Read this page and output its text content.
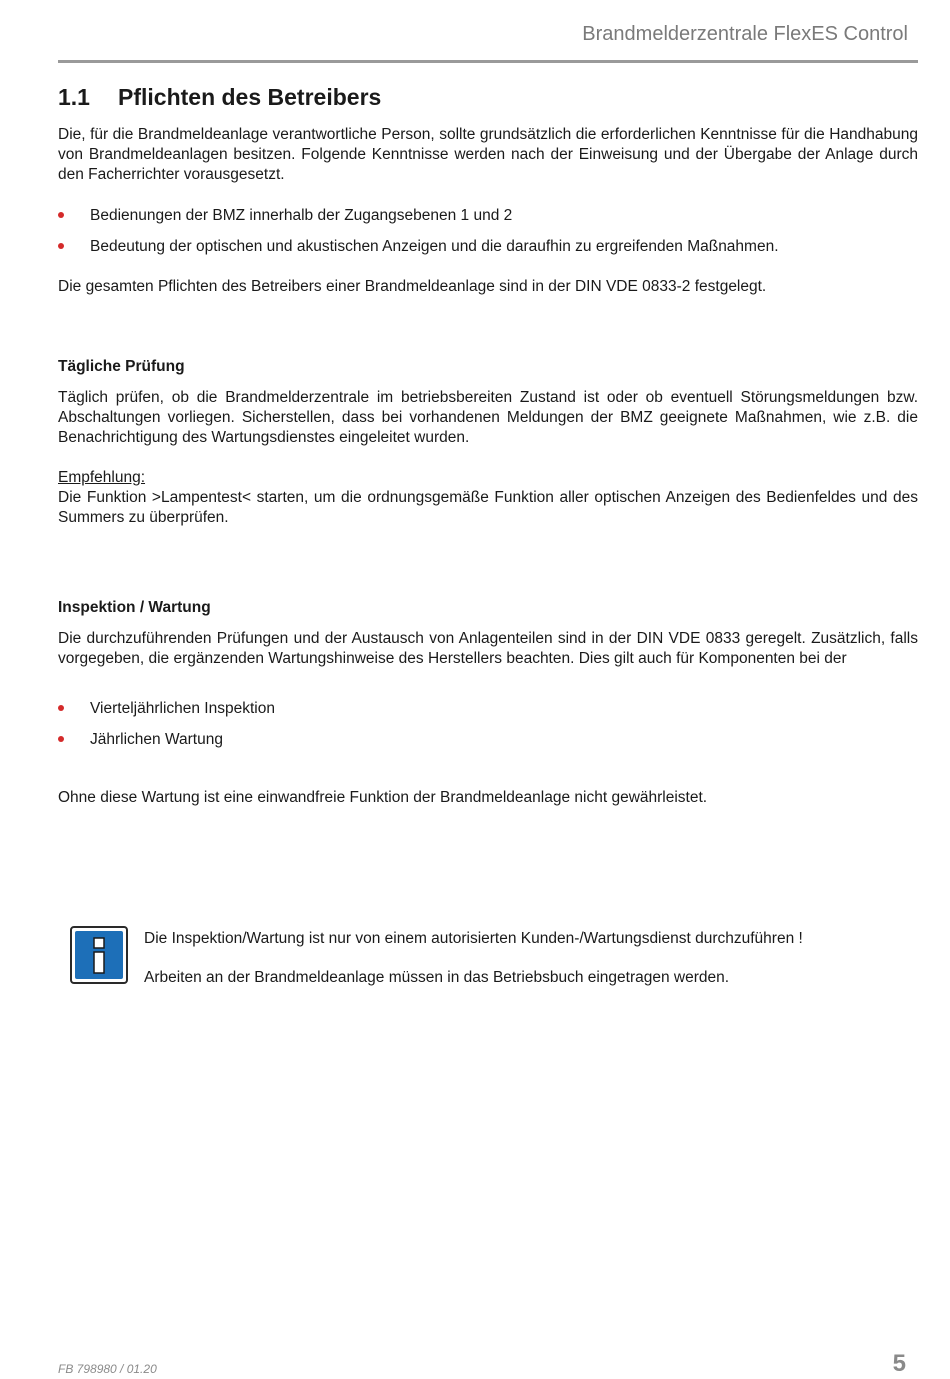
Brandmelderzentrale FlexES Control
1.1 Pflichten des Betreibers

Die, für die Brandmeldeanlage verantwortliche Person, sollte grundsätzlich die erforderlichen Kenntnisse für die Handhabung von Brandmeldeanlagen besitzen. Folgende Kenntnisse werden nach der Einweisung und der Übergabe der Anlage durch den Facherrichter vorausgesetzt.

Bedienungen der BMZ innerhalb der Zugangsebenen 1 und 2
Bedeutung der optischen und akustischen Anzeigen und die daraufhin zu ergreifenden Maßnahmen.

Die gesamten Pflichten des Betreibers einer Brandmeldeanlage sind in der DIN VDE 0833-2 festgelegt.

Tägliche Prüfung

Täglich prüfen, ob die Brandmelderzentrale im betriebsbereiten Zustand ist oder ob eventuell Störungsmeldungen bzw. Abschaltungen vorliegen. Sicherstellen, dass bei vorhandenen Meldungen der BMZ geeignete Maßnahmen, wie z.B. die Benachrichtigung des Wartungsdienstes eingeleitet wurden.

Empfehlung:

Die Funktion >Lampentest< starten, um die ordnungsgemäße Funktion aller optischen Anzeigen des Bedienfeldes und des Summers zu überprüfen.

Inspektion / Wartung

Die durchzuführenden Prüfungen und der Austausch von Anlagenteilen sind in der DIN VDE 0833 geregelt. Zusätzlich, falls vorgegeben, die ergänzenden Wartungshinweise des Herstellers beachten. Dies gilt auch für Komponenten bei der

Vierteljährlichen Inspektion
Jährlichen Wartung

Ohne diese Wartung ist eine einwandfreie Funktion der Brandmeldeanlage nicht gewährleistet.

Die Inspektion/Wartung ist nur von einem autorisierten Kunden-/Wartungsdienst durchzuführen !
Arbeiten an der Brandmeldeanlage müssen in das Betriebsbuch eingetragen werden.
FB 798980 / 01.20	5
